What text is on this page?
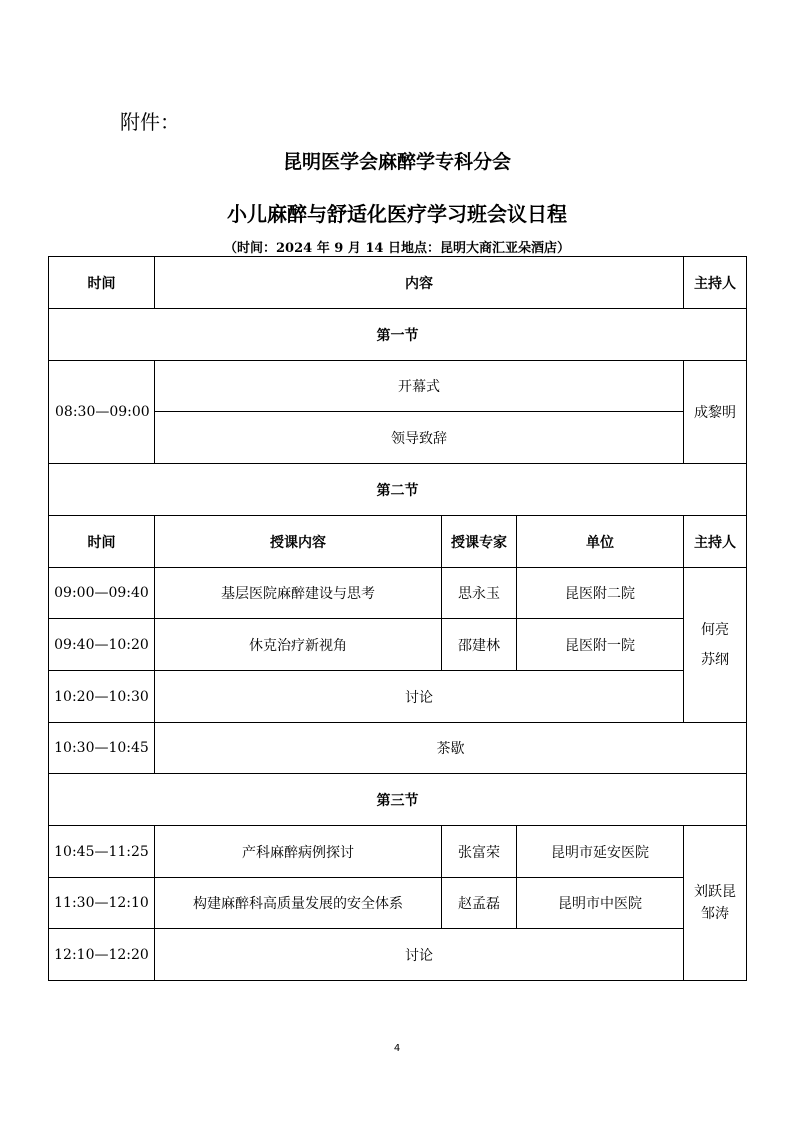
附件：
昆明医学会麻醉学专科分会
小儿麻醉与舒适化医疗学习班会议日程
（时间：2024 年 9 月 14 日地点：昆明大商汇亚朵酒店）
时间	内容			主持人
第一节				
08:30—09:00	开幕式			成黎明
	领导致辞			
第二节				
时间	授课内容	授课专家	单位	主持人
09:00—09:40	基层医院麻醉建设与思考	思永玉	昆医附二院	何亮
苏纲

09:40—10:20	休克治疗新视角	邵建林	昆医附一院	
10:20—10:30	讨论			
10:30—10:45	茶歇			
第三节				
10:45—11:25	产科麻醉病例探讨	张富荣	昆明市延安医院	刘跃昆
邹涛

11:30—12:10	构建麻醉科高质量发展的安全体系	赵孟磊	昆明市中医院	
12:10—12:20	讨论			
4
